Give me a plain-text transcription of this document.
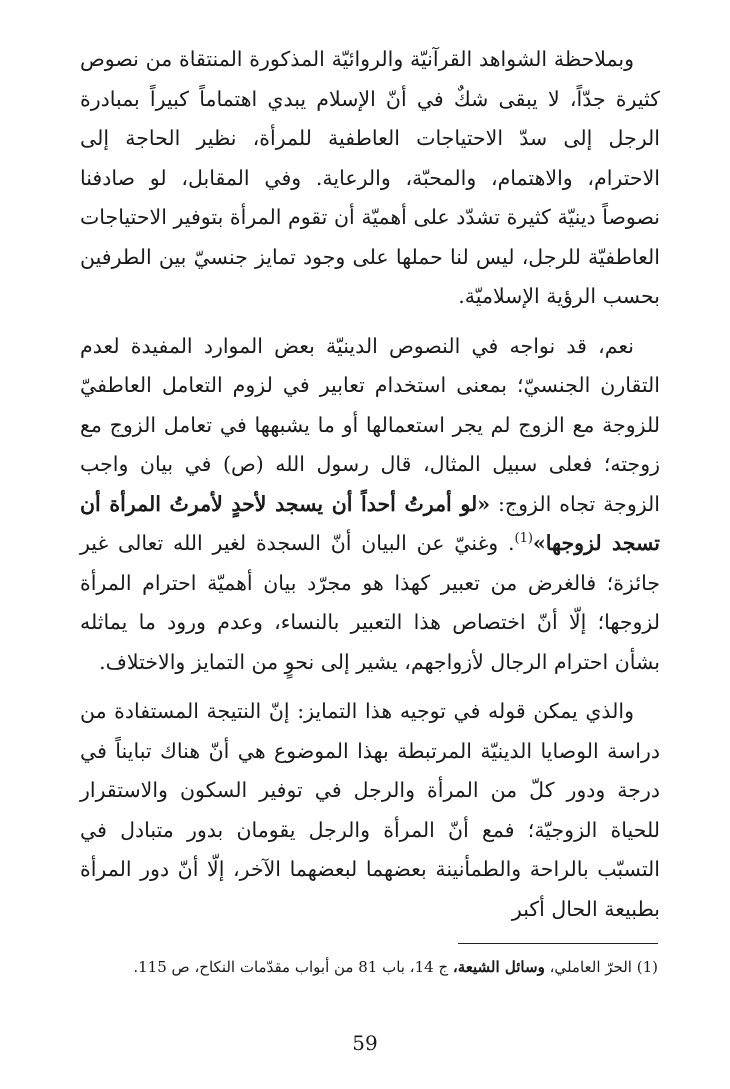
وبملاحظة الشواهد القرآنيّة والروائيّة المذكورة المنتقاة من نصوص كثيرة جدّاً، لا يبقى شكٌ في أنّ الإسلام يبدي اهتماماً كبيراً بمبادرة الرجل إلى سدّ الاحتياجات العاطفية للمرأة، نظير الحاجة إلى الاحترام، والاهتمام، والمحبّة، والرعاية. وفي المقابل، لو صادفنا نصوصاً دينيّة كثيرة تشدّد على أهميّة أن تقوم المرأة بتوفير الاحتياجات العاطفيّة للرجل، ليس لنا حملها على وجود تمايز جنسيّ بين الطرفين بحسب الرؤية الإسلاميّة.

نعم، قد نواجه في النصوص الدينيّة بعض الموارد المفيدة لعدم التقارن الجنسيّ؛ بمعنى استخدام تعابير في لزوم التعامل العاطفيّ للزوجة مع الزوج لم يجر استعمالها أو ما يشبهها في تعامل الزوج مع زوجته؛ فعلى سبيل المثال، قال رسول الله (ص) في بيان واجب الزوجة تجاه الزوج: «لو أمرتُ أحداً أن يسجد لأحدٍ لأمرتُ المرأة أن تسجد لزوجها»$^{(1)}$. وغنيّ عن البيان أنّ السجدة لغير الله تعالى غير جائزة؛ فالغرض من تعبير كهذا هو مجرّد بيان أهميّة احترام المرأة لزوجها؛ إلّا أنّ اختصاص هذا التعبير بالنساء، وعدم ورود ما يماثله بشأن احترام الرجال لأزواجهم، يشير إلى نحوٍ من التمايز والاختلاف.

والذي يمكن قوله في توجيه هذا التمايز: إنّ النتيجة المستفادة من دراسة الوصايا الدينيّة المرتبطة بهذا الموضوع هي أنّ هناك تبايناً في درجة ودور كلّ من المرأة والرجل في توفير السكون والاستقرار للحياة الزوجيّة؛ فمع أنّ المرأة والرجل يقومان بدور متبادل في التسبّب بالراحة والطمأنينة بعضهما لبعضهما الآخر، إلّا أنّ دور المرأة بطبيعة الحال أكبر

(1) الحرّ العاملي، وسائل الشيعة، ج 14، باب 81 من أبواب مقدّمات النكاح، ص 115.
59
